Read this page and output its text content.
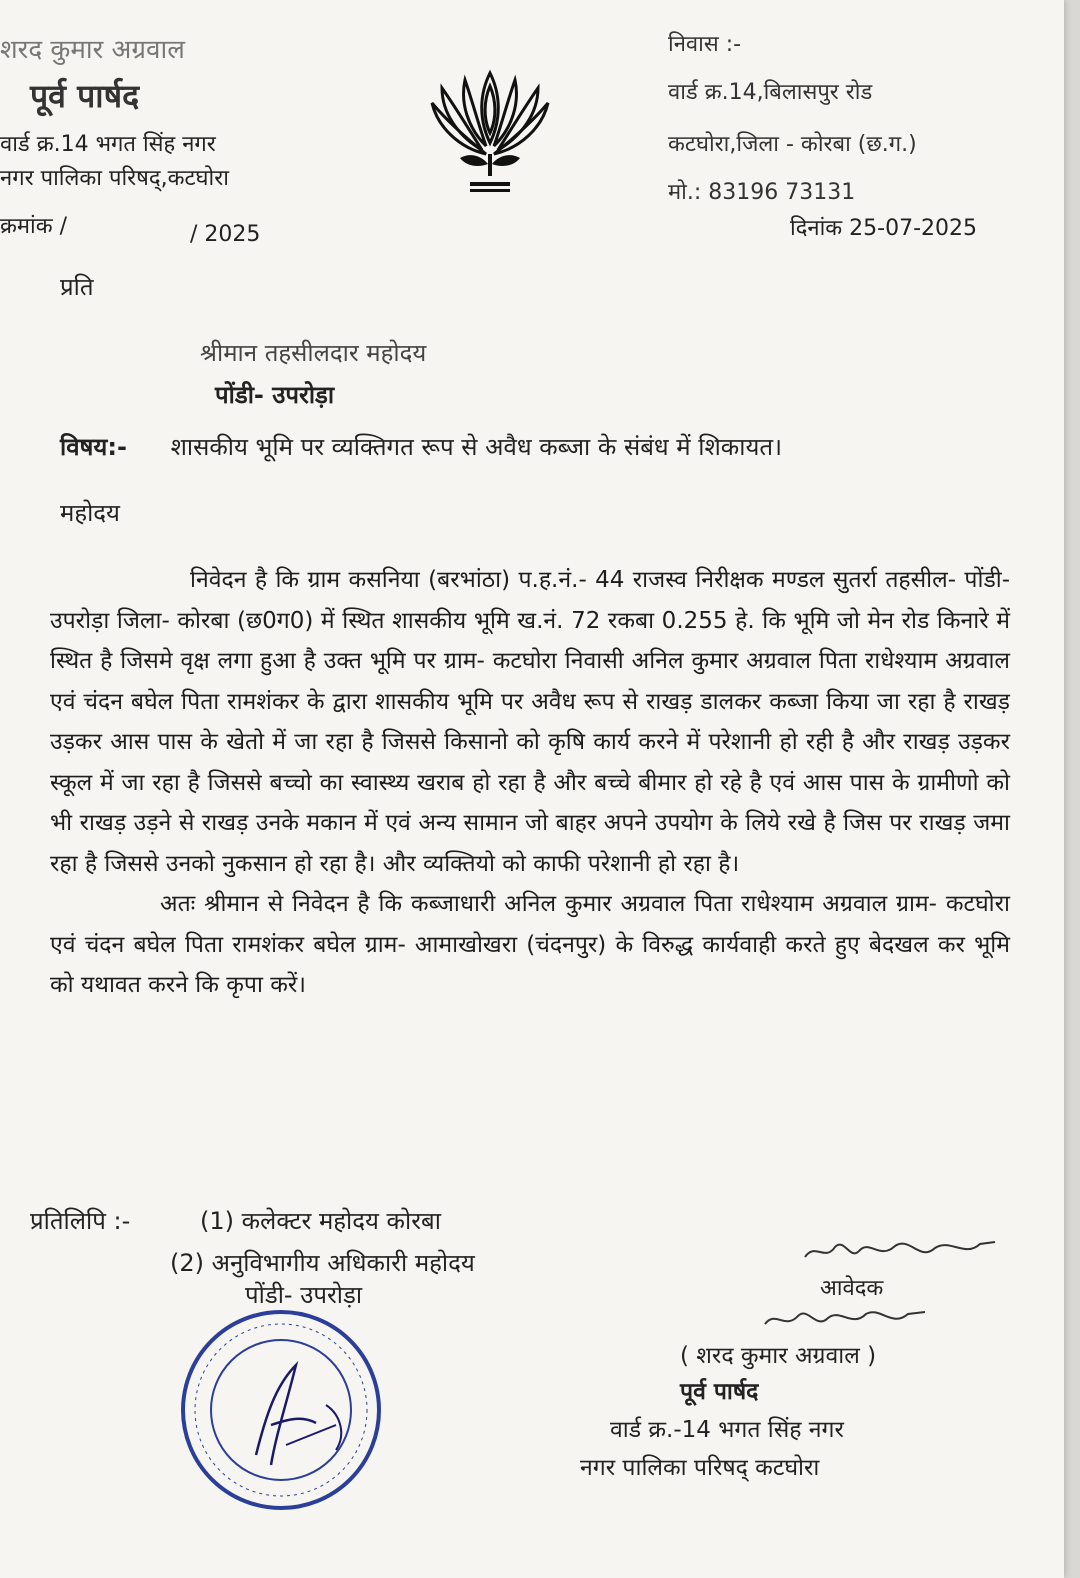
शरद कुमार अग्रवाल
पूर्व पार्षद
वार्ड क्र.14 भगत सिंह नगर
नगर पालिका परिषद्,कटघोरा
निवास :-
वार्ड क्र.14,बिलासपुर रोड
कटघोरा,जिला - कोरबा (छ.ग.)
मो.: 83196 73131
क्रमांक /	/ 2025	दिनांक 25-07-2025
प्रति
श्रीमान तहसीलदार महोदय
पोंडी- उपरोड़ा
विषय:- शासकीय भूमि पर व्यक्तिगत रूप से अवैध कब्जा के संबंध में शिकायत।
महोदय

निवेदन है कि ग्राम कसनिया (बरभांठा) प.ह.नं.- 44 राजस्व निरीक्षक मण्डल सुतर्रा तहसील- पोंडी- उपरोड़ा जिला- कोरबा (छ0ग0) में स्थित शासकीय भूमि ख.नं. 72 रकबा 0.255 हे. कि भूमि जो मेन रोड किनारे में स्थित है जिसमे वृक्ष लगा हुआ है उक्त भूमि पर ग्राम- कटघोरा निवासी अनिल कुमार अग्रवाल पिता राधेश्याम अग्रवाल एवं चंदन बघेल पिता रामशंकर के द्वारा शासकीय भूमि पर अवैध रूप से राखड़ डालकर कब्जा किया जा रहा है राखड़ उड़कर आस पास के खेतो में जा रहा है जिससे किसानो को कृषि कार्य करने में परेशानी हो रही है और राखड़ उड़कर स्कूल में जा रहा है जिससे बच्चो का स्वास्थ्य खराब हो रहा है और बच्चे बीमार हो रहे है एवं आस पास के ग्रामीणो को भी राखड़ उड़ने से राखड़ उनके मकान में एवं अन्य सामान जो बाहर अपने उपयोग के लिये रखे है जिस पर राखड़ जमा रहा है जिससे उनको नुकसान हो रहा है। और व्यक्तियो को काफी परेशानी हो रहा है।

अतः श्रीमान से निवेदन है कि कब्जाधारी अनिल कुमार अग्रवाल पिता राधेश्याम अग्रवाल ग्राम- कटघोरा एवं चंदन बघेल पिता रामशंकर बघेल ग्राम- आमाखोखरा (चंदनपुर) के विरुद्ध कार्यवाही करते हुए बेदखल कर भूमि को यथावत करने कि कृपा करें।

प्रतिलिपि :-	(1) कलेक्टर महोदय कोरबा
(2) अनुविभागीय अधिकारी महोदय
पोंडी- उपरोड़ा	आवेदक
( शरद कुमार अग्रवाल )
पूर्व पार्षद
वार्ड क्र.-14 भगत सिंह नगर
नगर पालिका परिषद् कटघोरा
